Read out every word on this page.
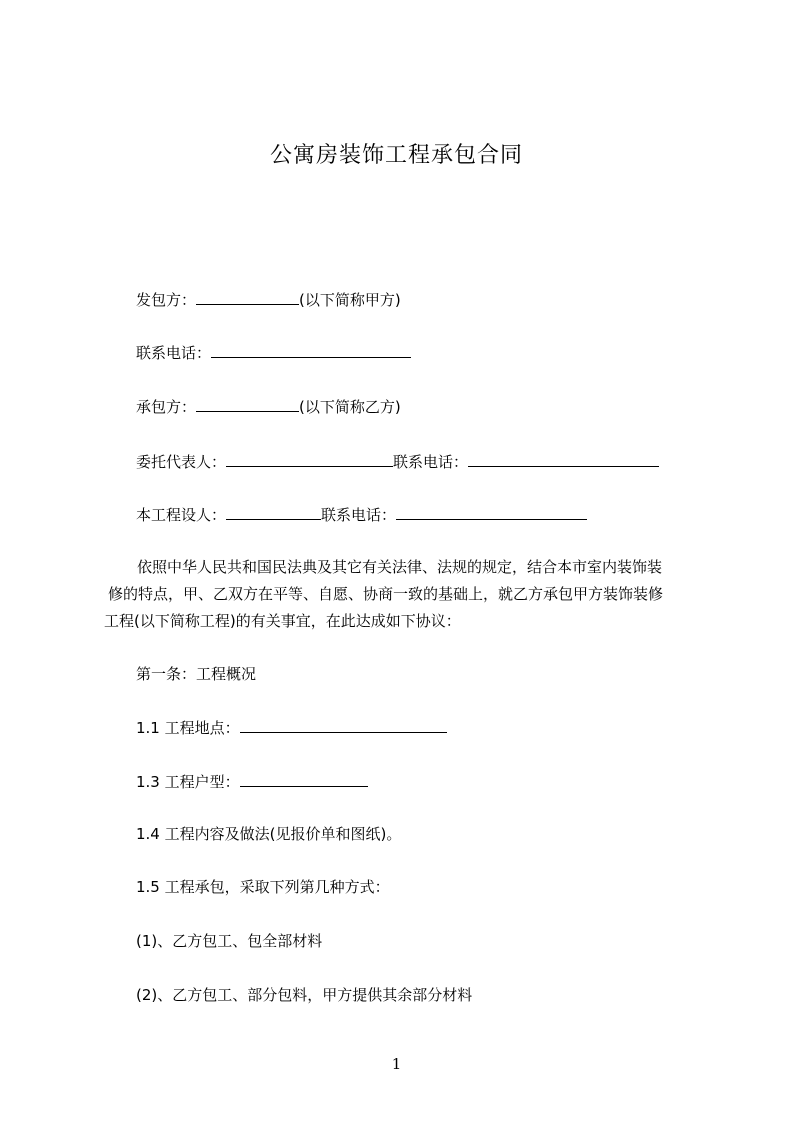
公寓房装饰工程承包合同
发包方：	(以下简称甲方)
联系电话：
承包方：	(以下简称乙方)
委托代表人：	联系电话：
本工程设人：	联系电话：
依照中华人民共和国民法典及其它有关法律、法规的规定，结合本市室内装饰装
修的特点，甲、乙双方在平等、自愿、协商一致的基础上，就乙方承包甲方装饰装修
工程(以下简称工程)的有关事宜，在此达成如下协议：
第一条：工程概况
1.1 工程地点：
1.3 工程户型：
1.4 工程内容及做法(见报价单和图纸)。
1.5 工程承包，采取下列第几种方式：
(1)、乙方包工、包全部材料
(2)、乙方包工、部分包料，甲方提供其余部分材料
1
